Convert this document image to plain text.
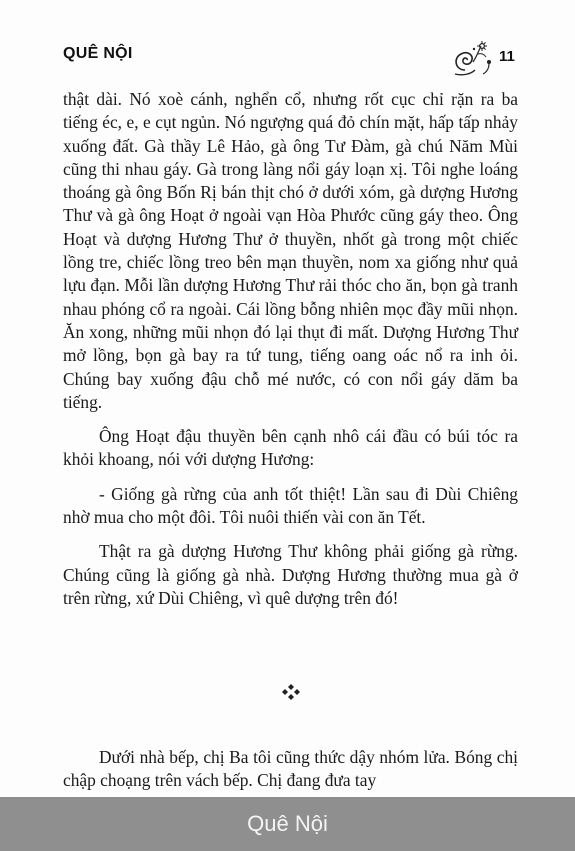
QUÊ NỘI	11

thật dài. Nó xoè cánh, nghển cổ, nhưng rốt cục chỉ rặn ra ba tiếng éc, e, e cụt ngủn. Nó ngượng quá đỏ chín mặt, hấp tấp nhảy xuống đất. Gà thầy Lê Hảo, gà ông Tư Đàm, gà chú Năm Mùi cũng thi nhau gáy. Gà trong làng nổi gáy loạn xị. Tôi nghe loáng thoáng gà ông Bốn Rị bán thịt chó ở dưới xóm, gà dượng Hương Thư và gà ông Hoạt ở ngoài vạn Hòa Phước cũng gáy theo. Ông Hoạt và dượng Hương Thư ở thuyền, nhốt gà trong một chiếc lồng tre, chiếc lồng treo bên mạn thuyền, nom xa giống như quả lựu đạn. Mỗi lần dượng Hương Thư rải thóc cho ăn, bọn gà tranh nhau phóng cổ ra ngoài. Cái lồng bỗng nhiên mọc đầy mũi nhọn. Ăn xong, những mũi nhọn đó lại thụt đi mất. Dượng Hương Thư mở lồng, bọn gà bay ra tứ tung, tiếng oang oác nổ ra inh ỏi. Chúng bay xuống đậu chỗ mé nước, có con nổi gáy dăm ba tiếng.

Ông Hoạt đậu thuyền bên cạnh nhô cái đầu có búi tóc ra khỏi khoang, nói với dượng Hương:

- Giống gà rừng của anh tốt thiệt! Lần sau đi Dùi Chiêng nhờ mua cho một đôi. Tôi nuôi thiến vài con ăn Tết.

Thật ra gà dượng Hương Thư không phải giống gà rừng. Chúng cũng là giống gà nhà. Dượng Hương thường mua gà ở trên rừng, xứ Dùi Chiêng, vì quê dượng trên đó!

Dưới nhà bếp, chị Ba tôi cũng thức dậy nhóm lửa. Bóng chị chập choạng trên vách bếp. Chị đang đưa tay

Quê Nội
